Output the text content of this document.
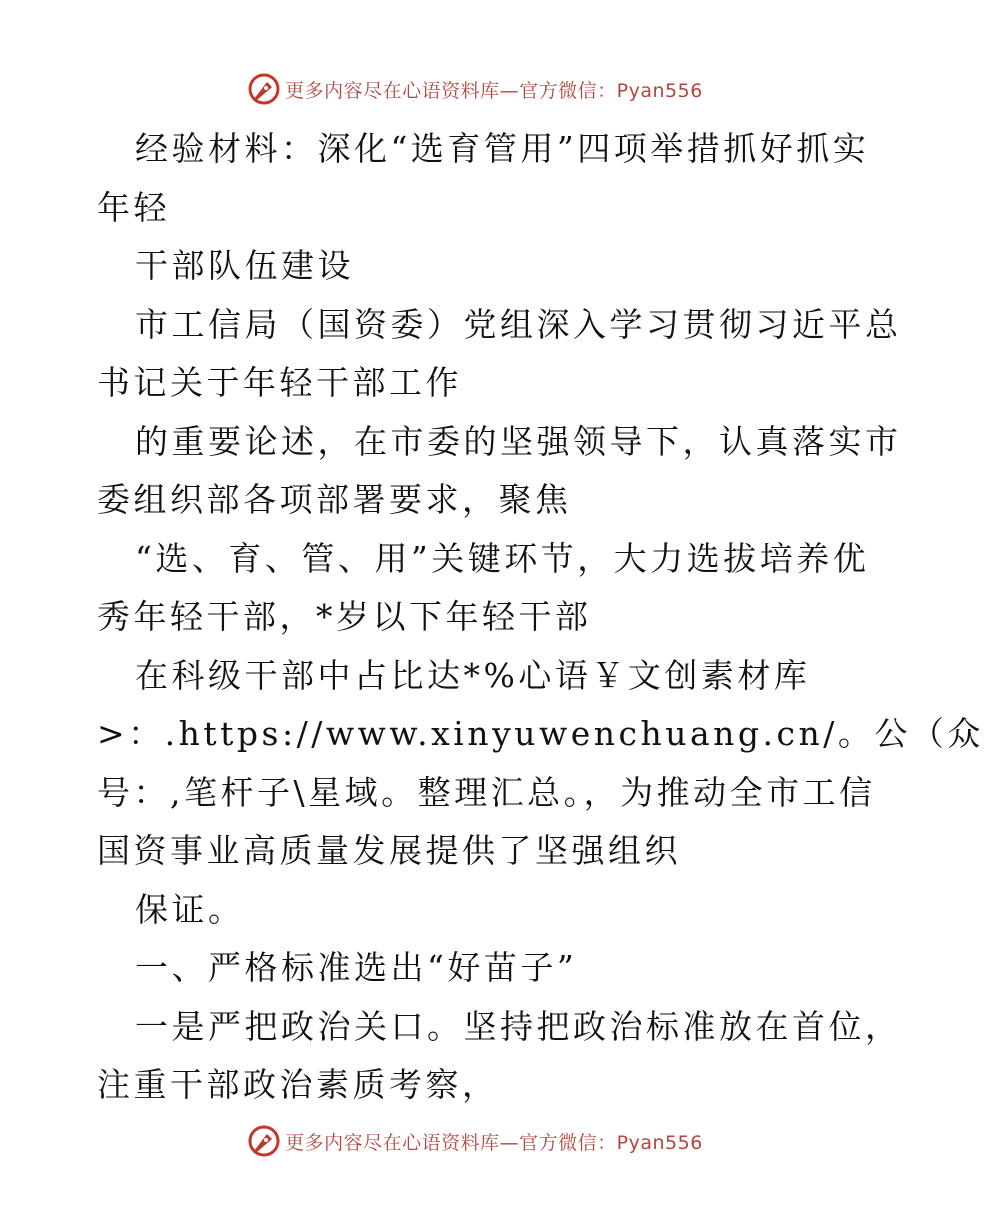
更多内容尽在心语资料库—官方微信：Pyan556
经验材料：深化“选育管用”四项举措抓好抓实
年轻
干部队伍建设
市工信局（国资委）党组深入学习贯彻习近平总
书记关于年轻干部工作
的重要论述，在市委的坚强领导下，认真落实市
委组织部各项部署要求，聚焦
“选、育、管、用”关键环节，大力选拔培养优
秀年轻干部，*岁以下年轻干部
在科级干部中占比达*%心语￥文创素材库
>：.https://www.xinyuwenchuang.cn/。公（众
号：,笔杆子\星域。整理汇总。，为推动全市工信
国资事业高质量发展提供了坚强组织
保证。
一、严格标准选出“好苗子”
一是严把政治关口。坚持把政治标准放在首位，
注重干部政治素质考察，
更多内容尽在心语资料库—官方微信：Pyan556
